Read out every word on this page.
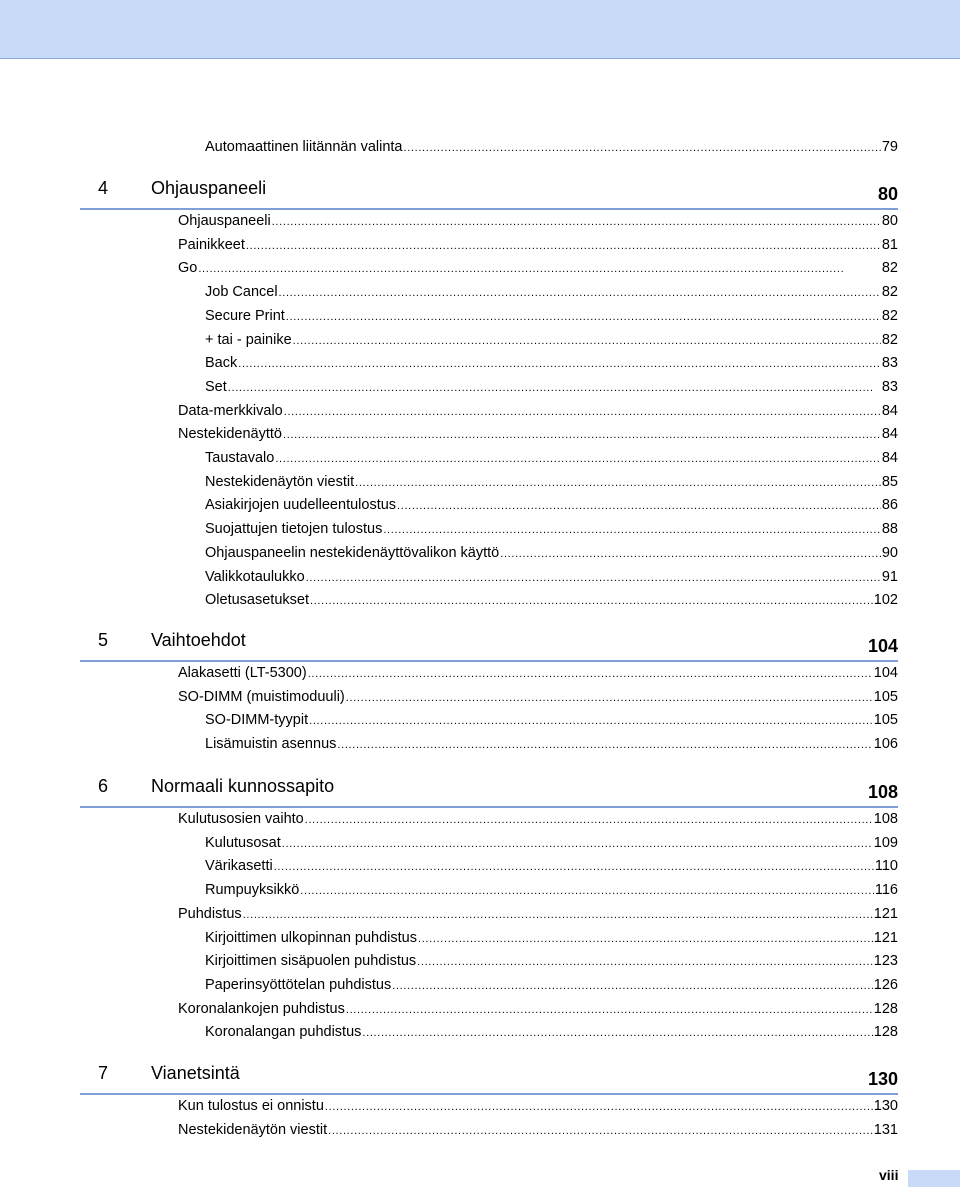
Automaattinen liitännän valinta . . .	79
4 Ohjauspaneeli	80
Ohjauspaneeli . . .	80
Painikkeet . . .	81
Go . . .	82
Job Cancel . . .	82
Secure Print . . .	82
+ tai - painike . . .	82
Back . . .	83
Set . . .	83
Data-merkkivalo . . .	84
Nestekidenäyttö . . .	84
Taustavalo . . .	84
Nestekidenäytön viestit . . .	85
Asiakirjojen uudelleentulostus . . .	86
Suojattujen tietojen tulostus . . .	88
Ohjauspaneelin nestekidenäyttövalikon käyttö . . .	90
Valikkotaulukko . . .	91
Oletusasetukset . . .	102
5 Vaihtoehdot	104
Alakasetti (LT-5300) . . .	104
SO-DIMM (muistimoduuli) . . .	105
SO-DIMM-tyypit . . .	105
Lisämuistin asennus . . .	106
6 Normaali kunnossapito	108
Kulutusosien vaihto . . .	108
Kulutusosat . . .	109
Värikasetti . . .	110
Rumpuyksikkö . . .	116
Puhdistus . . .	121
Kirjoittimen ulkopinnan puhdistus . . .	121
Kirjoittimen sisäpuolen puhdistus . . .	123
Paperinsyöttötelan puhdistus . . .	126
Koronalankojen puhdistus . . .	128
Koronalangan puhdistus . . .	128
7 Vianetsintä	130
Kun tulostus ei onnistu . . .	130
Nestekidenäytön viestit . . .	131
viii
